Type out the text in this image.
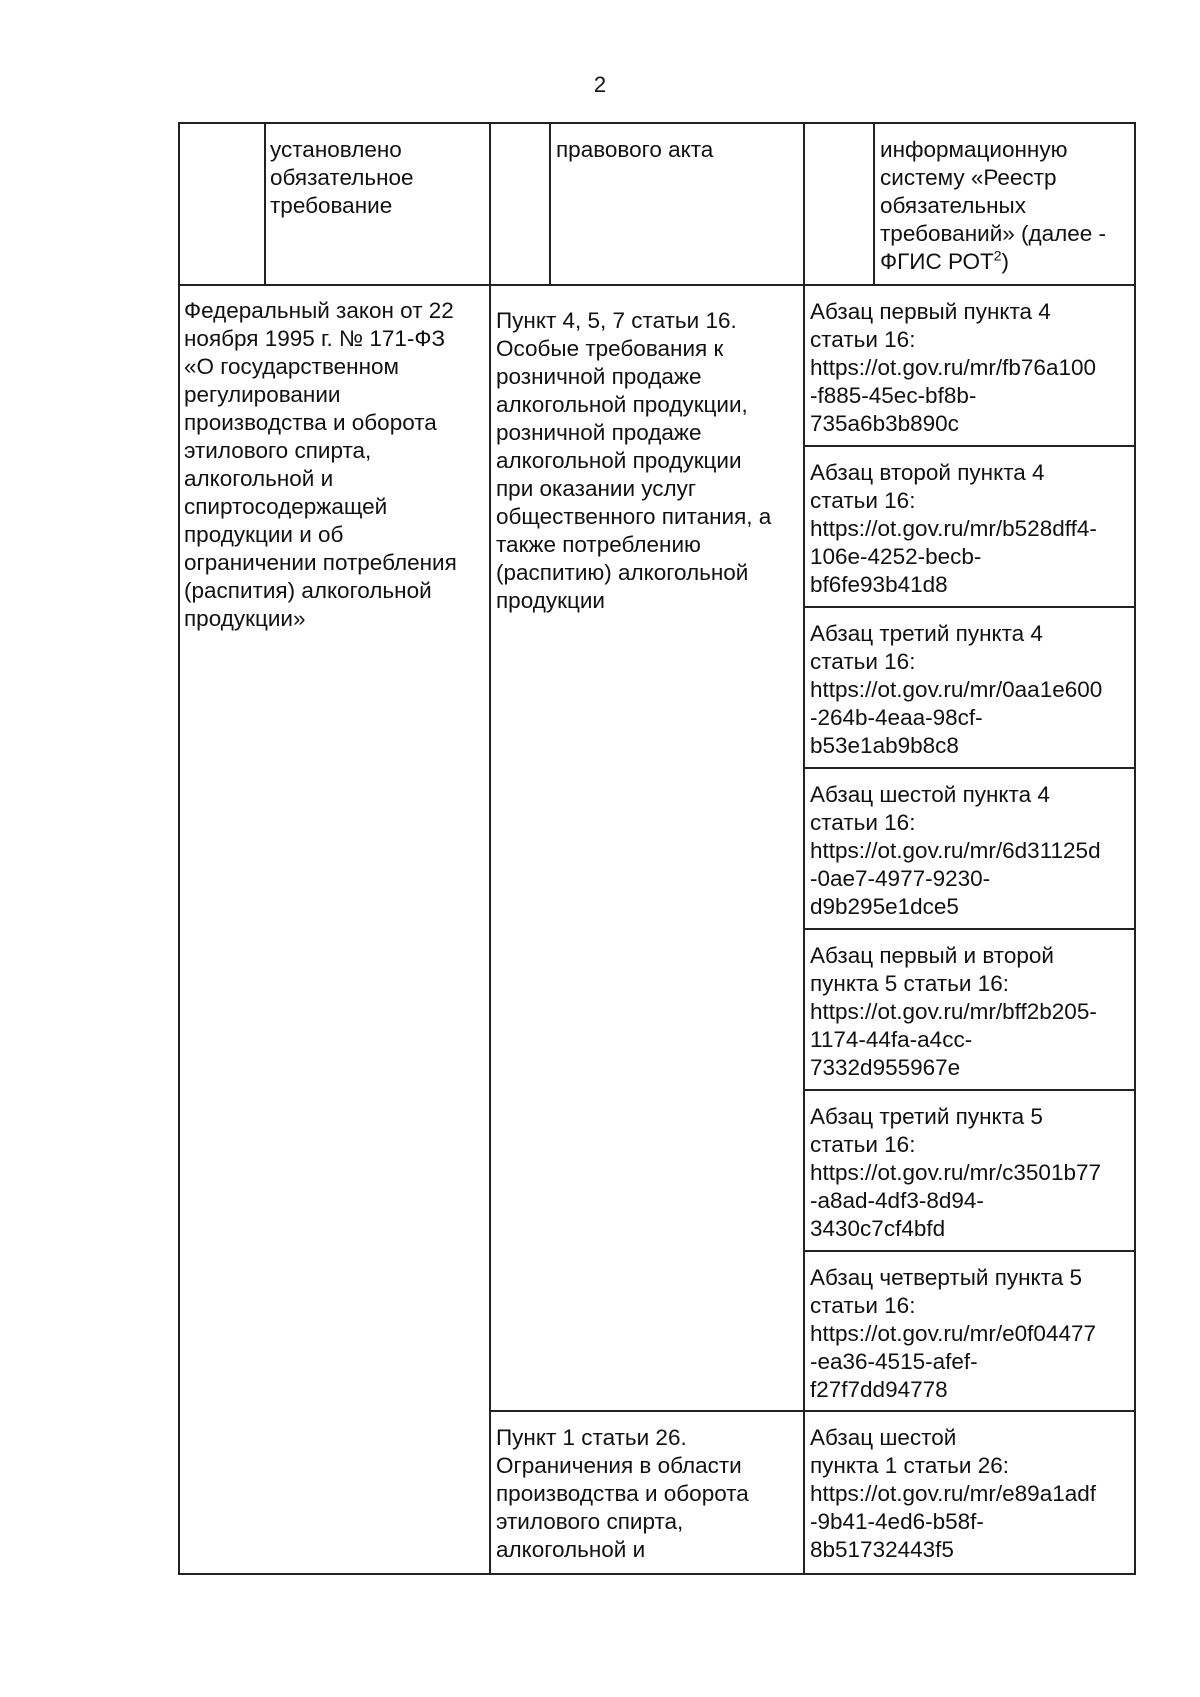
2
установлено
обязательное
требование
правового акта	информационную
систему «Реестр
обязательных
требований» (далее -
ФГИС РОТ$^2$)
Федеральный закон от 22
ноября 1995 г. № 171-ФЗ
«О государственном
регулировании
производства и оборота
этилового спирта,
алкогольной и
спиртосодержащей
продукции и об
ограничении потребления
(распития) алкогольной
продукции»
Пункт 4, 5, 7 статьи 16.
Особые требования к
розничной продаже
алкогольной продукции,
розничной продаже
алкогольной продукции
при оказании услуг
общественного питания, а
также потреблению
(распитию) алкогольной
продукции
Пункт 1 статьи 26.
Ограничения в области
производства и оборота
этилового спирта,
алкогольной и
Абзац первый пункта 4
статьи 16:
https://ot.gov.ru/mr/fb76a100
-f885-45ec-bf8b-
735a6b3b890c
Абзац второй пункта 4
статьи 16:
https://ot.gov.ru/mr/b528dff4-
106e-4252-becb-
bf6fe93b41d8
Абзац третий пункта 4
статьи 16:
https://ot.gov.ru/mr/0aa1e600
-264b-4eaa-98cf-
b53e1ab9b8c8
Абзац шестой пункта 4
статьи 16:
https://ot.gov.ru/mr/6d31125d
-0ae7-4977-9230-
d9b295e1dce5
Абзац первый и второй
пункта 5 статьи 16:
https://ot.gov.ru/mr/bff2b205-
1174-44fa-a4cc-
7332d955967e
Абзац третий пункта 5
статьи 16:
https://ot.gov.ru/mr/c3501b77
-a8ad-4df3-8d94-
3430c7cf4bfd
Абзац четвертый пункта 5
статьи 16:
https://ot.gov.ru/mr/e0f04477
-ea36-4515-afef-
f27f7dd94778
Абзац шестой
пункта 1 статьи 26:
https://ot.gov.ru/mr/e89a1adf
-9b41-4ed6-b58f-
8b51732443f5
